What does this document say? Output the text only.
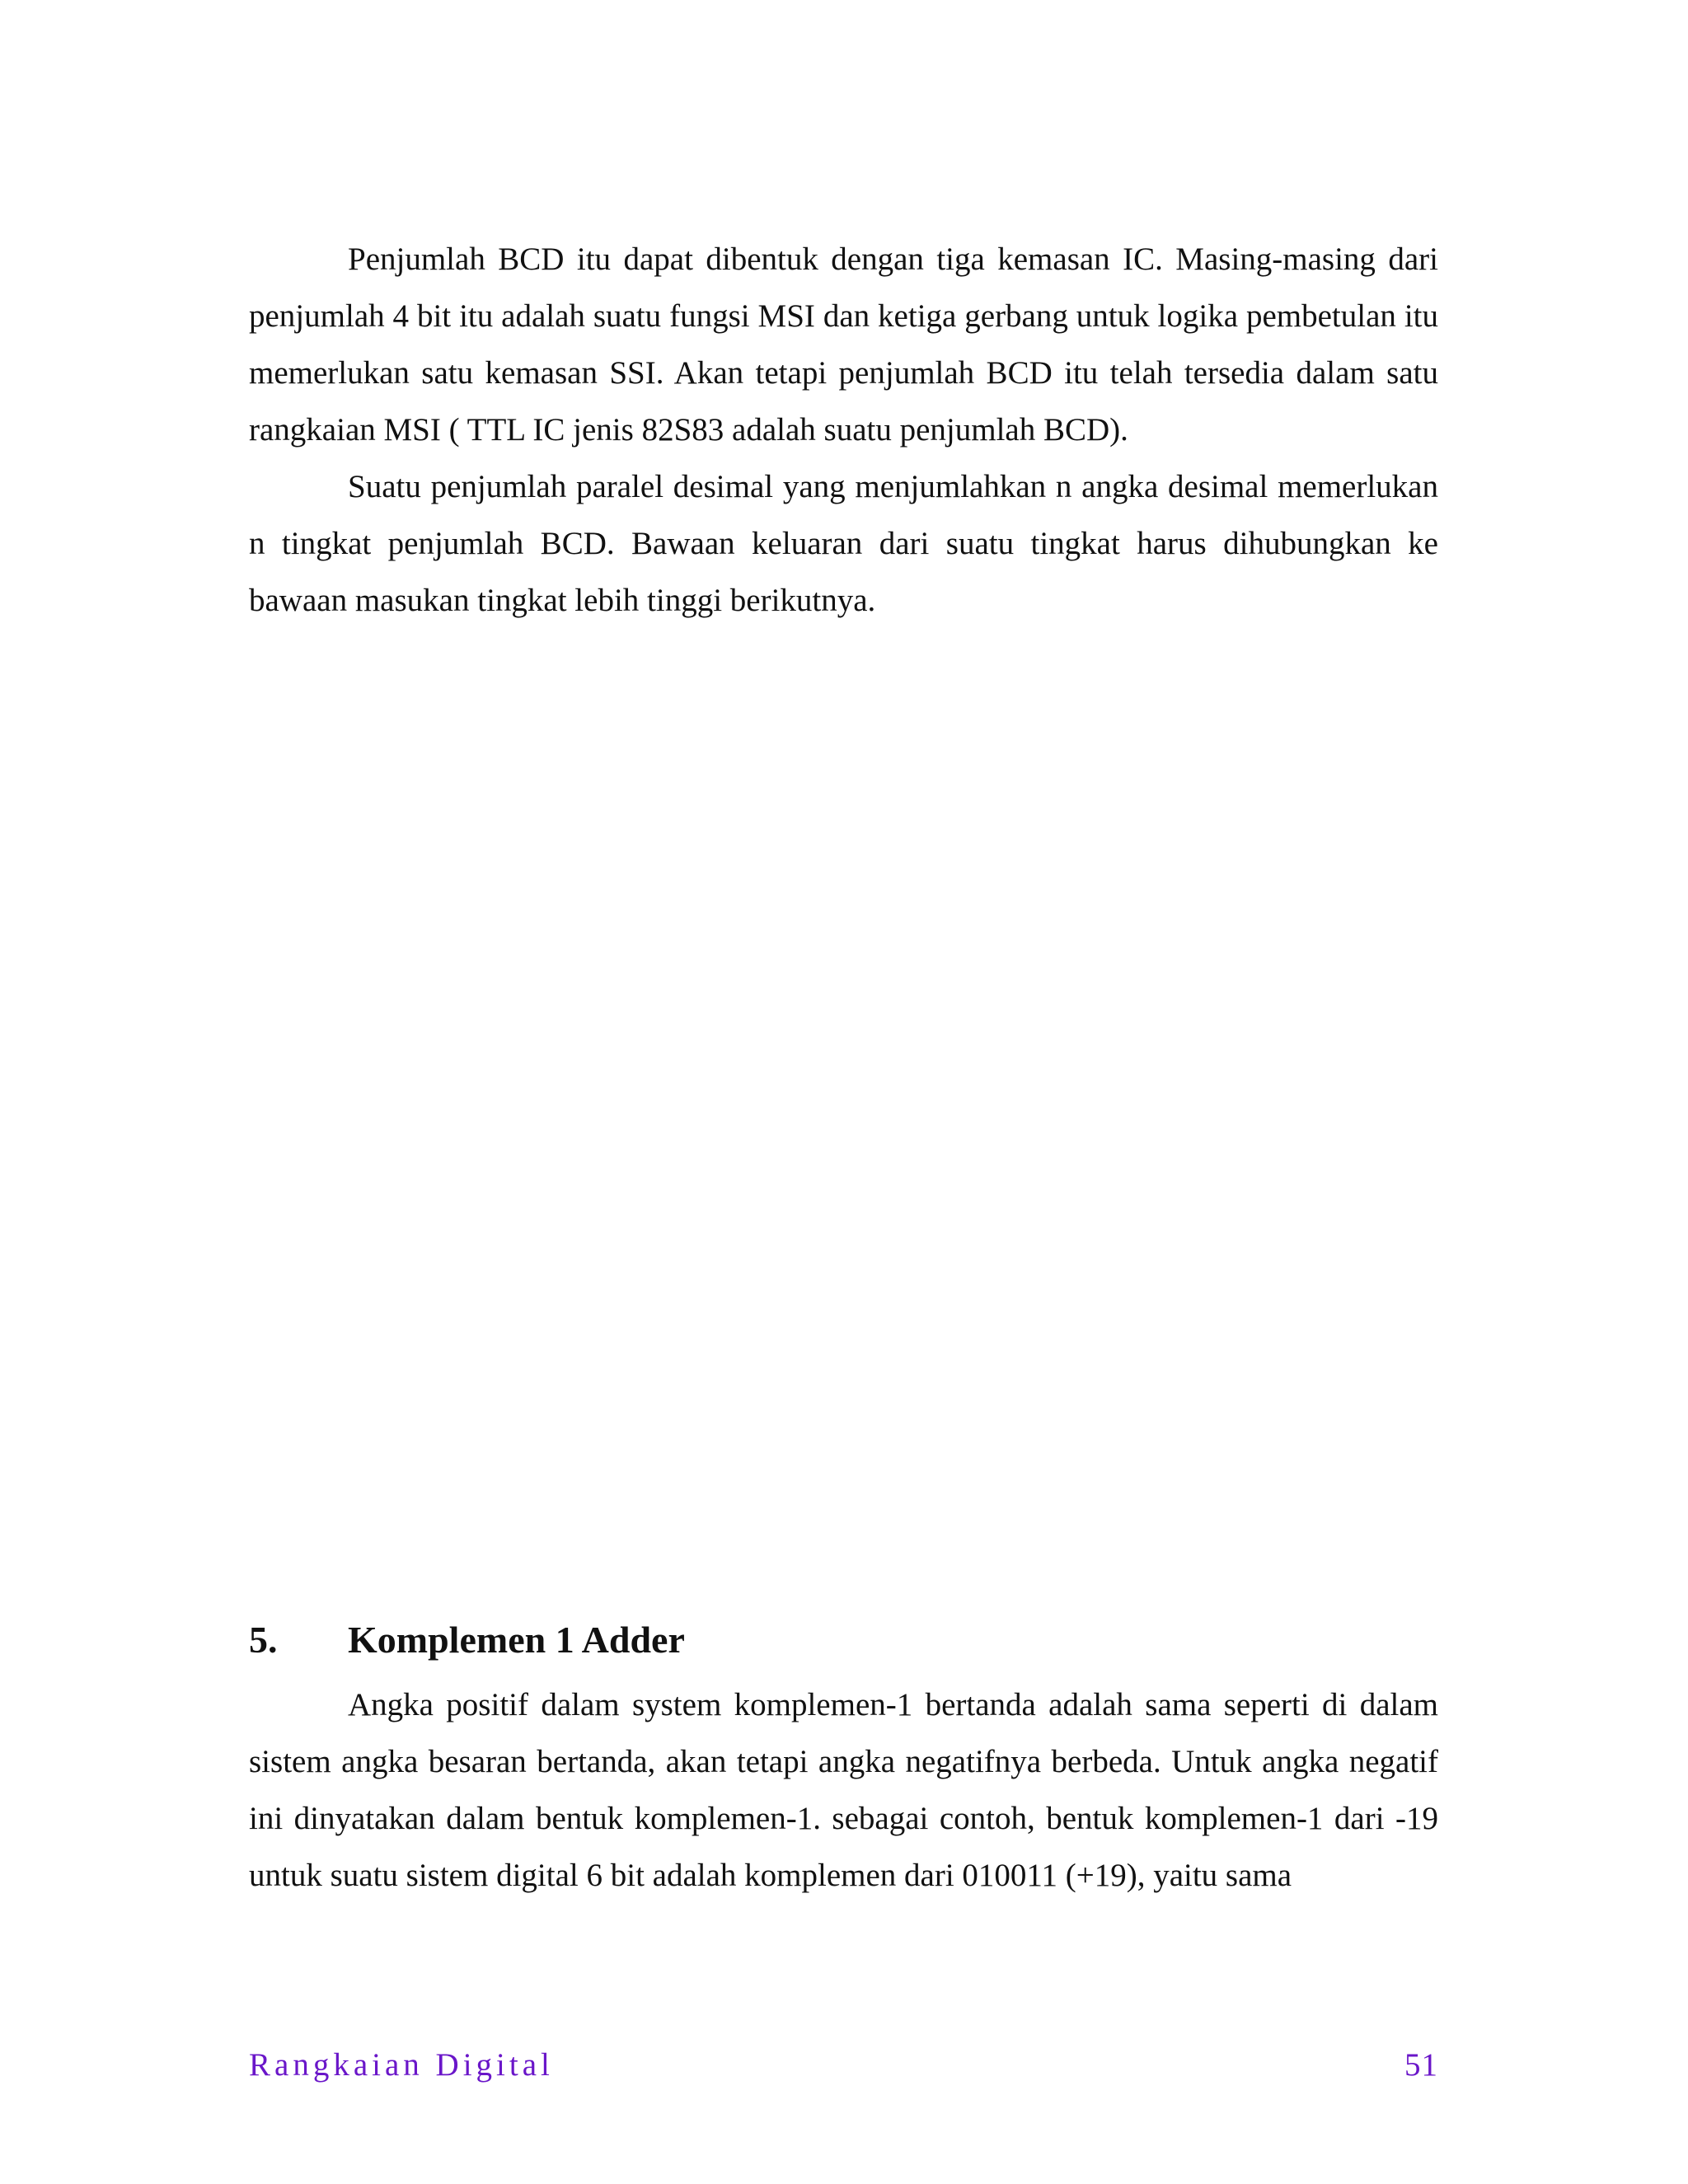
Penjumlah BCD itu dapat dibentuk dengan tiga kemasan IC. Masing-masing dari penjumlah 4 bit itu adalah suatu fungsi MSI dan ketiga gerbang untuk logika pembetulan itu memerlukan satu kemasan SSI. Akan tetapi penjumlah BCD itu telah tersedia dalam satu rangkaian MSI ( TTL IC jenis 82S83 adalah suatu penjumlah BCD).

Suatu penjumlah paralel desimal yang menjumlahkan n angka desimal memerlukan n tingkat penjumlah BCD. Bawaan keluaran dari suatu tingkat harus dihubungkan ke bawaan masukan tingkat lebih tinggi berikutnya.

5. Komplemen 1 Adder

Angka positif dalam system komplemen-1 bertanda adalah sama seperti di dalam sistem angka besaran bertanda, akan tetapi angka negatifnya berbeda. Untuk angka negatif ini dinyatakan dalam bentuk komplemen-1. sebagai contoh, bentuk komplemen-1 dari -19 untuk suatu sistem digital 6 bit adalah komplemen dari 010011 (+19), yaitu sama

Rangkaian Digital	51
